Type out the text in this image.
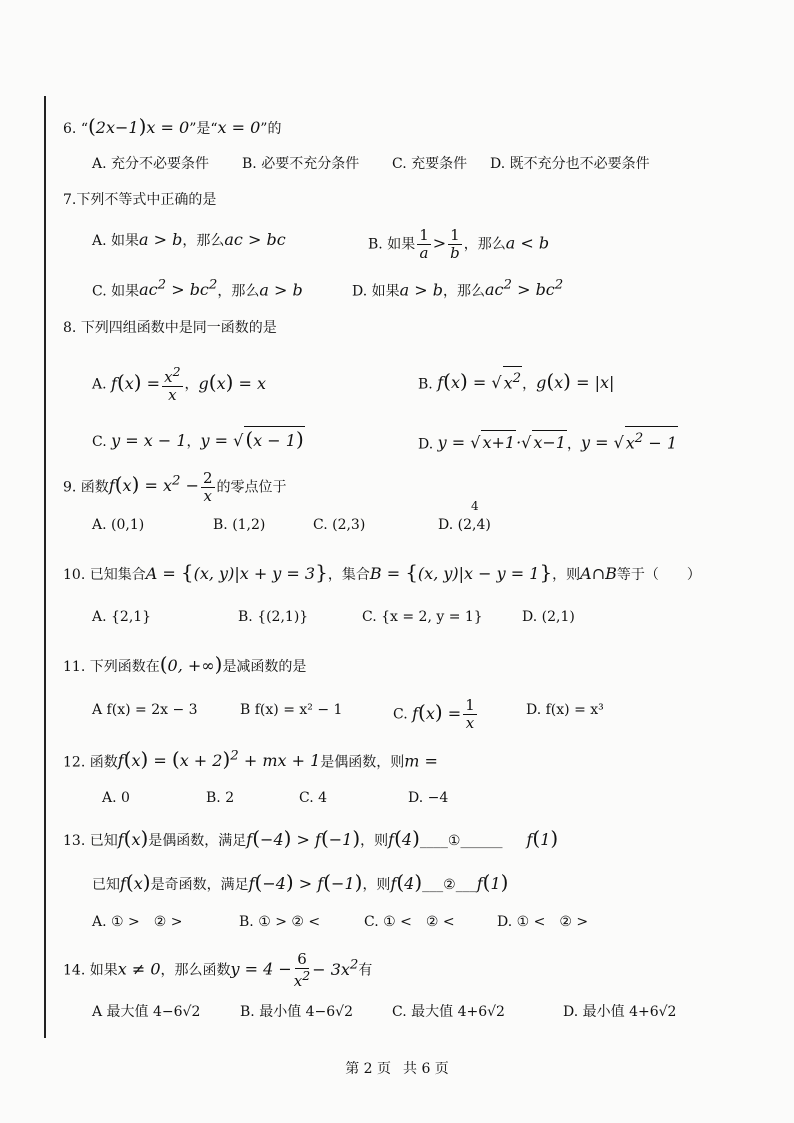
6. “(2x−1)x = 0”是“x = 0”的
A. 充分不必要条件 B. 必要不充分条件 C. 充要条件 D. 既不充分也不必要条件
7.下列不等式中正确的是
A. 如果a > b，那么ac > bc	B. 如果 $\frac{1}{a} > \frac{1}{b}$ ，那么a < b
C. 如果$ac^2 > bc^2$，那么a > b	D. 如果a > b，那么$ac^2 > bc^2$
8. 下列四组函数中是同一函数的是
A. $f(x) = \frac{x^2}{x}$ ，g(x) = x	B. f(x) = √ $x^2$，g(x) = |x|
C. y = x − 1，y = √ (x − 1)	D. y = √ x+1·√ x−1，y = √ $x^2 - 1$
9. 函数$f(x) = x^2 - \frac{2}{x}$ 的零点位于
A. (0,1)	B. (1,2)	C. (2,3)	D. (2,4)
4
10. 已知集合A = {(x, y)|x + y = 3}，集合B = {(x, y)|x − y = 1}，则A∩B等于（　　）
A. {2,1}	B. {(2,1)}	C. {x = 2, y = 1}	D. (2,1)
11. 下列函数在(0, +∞)是减函数的是
A f(x) = 2x − 3	B f(x) = x² − 1	C. $f(x) = \frac{1}{x}$	D. f(x) = x³
12. 函数$f(x) = (x + 2)^2$ + mx + 1是偶函数，则m =
A. 0	B. 2	C. 4	D. −4
13. 已知f(x)是偶函数，满足f(−4) > f(−1)，则f(4)____①______ f(1)
已知f(x)是奇函数，满足f(−4) > f(−1)，则f(4)___②___f(1)
A. ① >　② >	B. ① > ② <	C. ① <　② <	D. ① <　② >
14. 如果x ≠ 0，那么函数$y = 4 - \frac{6}{x^2} - 3x^2$有
A 最大值 4−6√2	B. 最小值 4−6√2	C. 最大值 4+6√2	D. 最小值 4+6√2
第 2 页 共 6 页
